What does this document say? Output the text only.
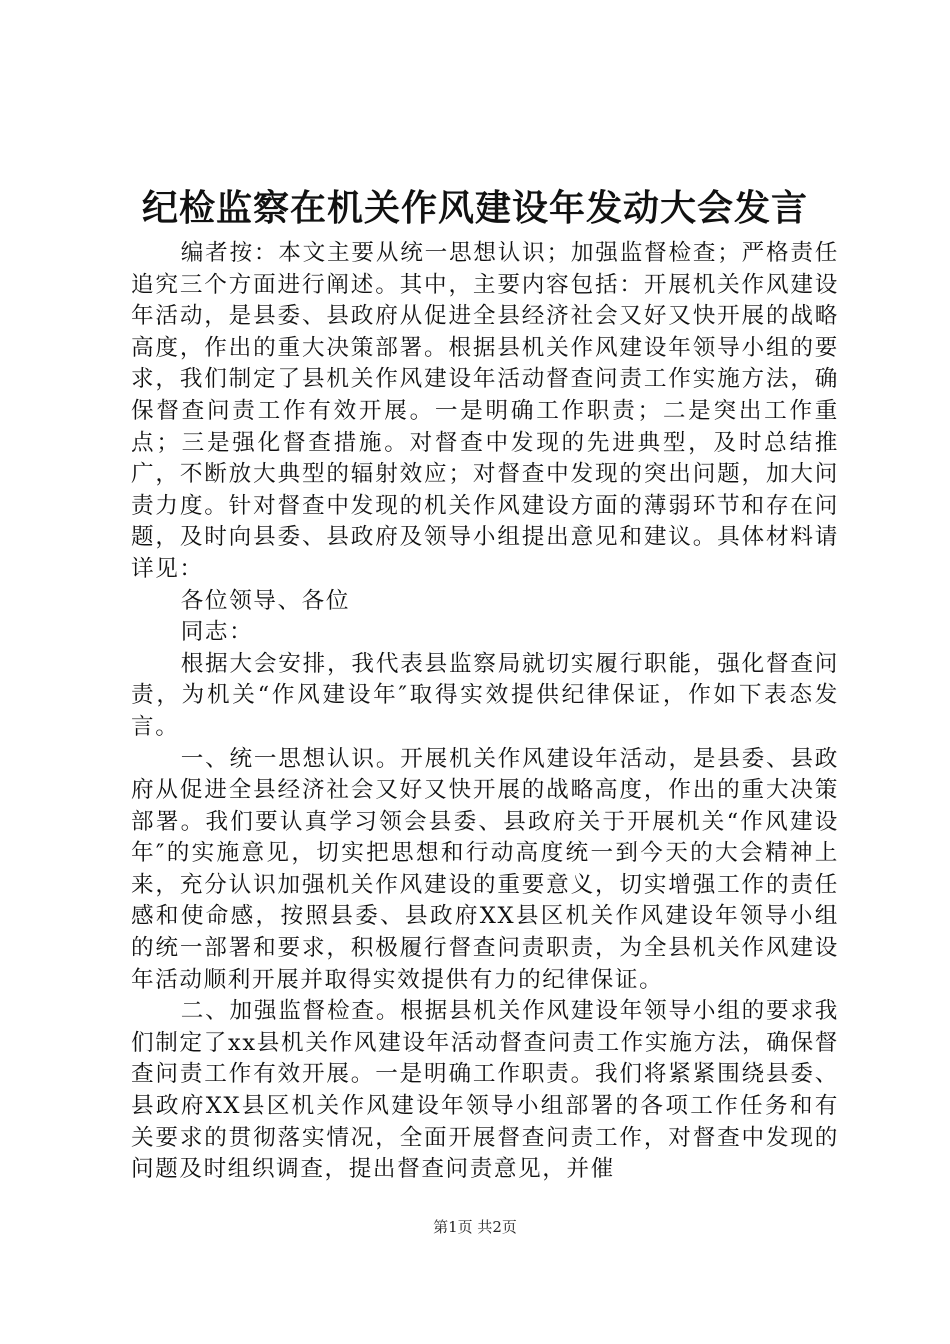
纪检监察在机关作风建设年发动大会发言

编者按：本文主要从统一思想认识；加强监督检查；严格责任追究三个方面进行阐述。其中，主要内容包括：开展机关作风建设年活动，是县委、县政府从促进全县经济社会又好又快开展的战略高度，作出的重大决策部署。根据县机关作风建设年领导小组的要求，我们制定了县机关作风建设年活动督查问责工作实施方法，确保督查问责工作有效开展。一是明确工作职责；二是突出工作重点；三是强化督查措施。对督查中发现的先进典型，及时总结推广，不断放大典型的辐射效应；对督查中发现的突出问题，加大问责力度。针对督查中发现的机关作风建设方面的薄弱环节和存在问题，及时向县委、县政府及领导小组提出意见和建议。具体材料请详见：

各位领导、各位

同志：

根据大会安排，我代表县监察局就切实履行职能，强化督查问责，为机关“作风建设年″取得实效提供纪律保证，作如下表态发言。

一、统一思想认识。开展机关作风建设年活动，是县委、县政府从促进全县经济社会又好又快开展的战略高度，作出的重大决策部署。我们要认真学习领会县委、县政府关于开展机关“作风建设年″的实施意见，切实把思想和行动高度统一到今天的大会精神上来，充分认识加强机关作风建设的重要意义，切实增强工作的责任感和使命感，按照县委、县政府XX县区机关作风建设年领导小组的统一部署和要求，积极履行督查问责职责，为全县机关作风建设年活动顺利开展并取得实效提供有力的纪律保证。

二、加强监督检查。根据县机关作风建设年领导小组的要求我们制定了xx县机关作风建设年活动督查问责工作实施方法，确保督查问责工作有效开展。一是明确工作职责。我们将紧紧围绕县委、县政府XX县区机关作风建设年领导小组部署的各项工作任务和有关要求的贯彻落实情况，全面开展督查问责工作，对督查中发现的问题及时组织调查，提出督查问责意见，并催

第1页 共2页
